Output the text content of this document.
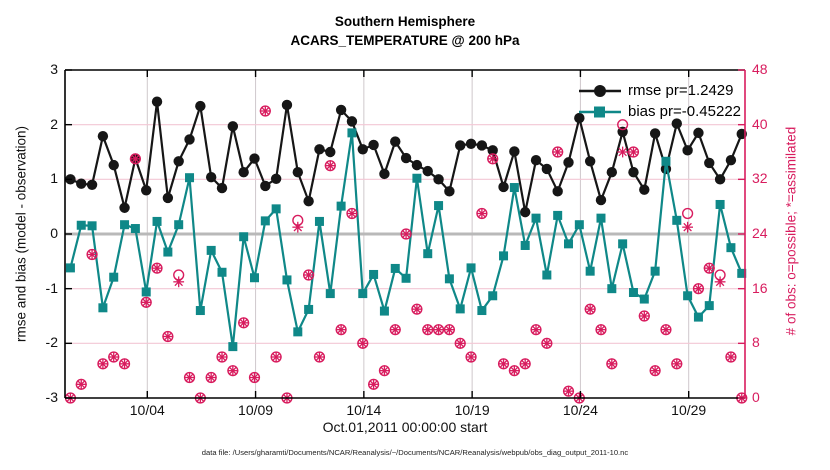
Southern Hemisphere
ACARS_TEMPERATURE @ 200 hPa
rmse and bias (model - observation)	# of obs: o=possible; *=assimilated
Oct.01,2011 00:00:00 start
data file: /Users/gharamti/Documents/NCAR/Reanalysis/~/Documents/NCAR/Reanalysis/webpub/obs_diag_output_2011-10.nc
rmse pr=1.2429
bias pr=-0.45222
3
2
1
0
-1
-2
-3
48
40
32
24
16
8
0
10/04	10/09	10/14	10/19	10/24	10/29
